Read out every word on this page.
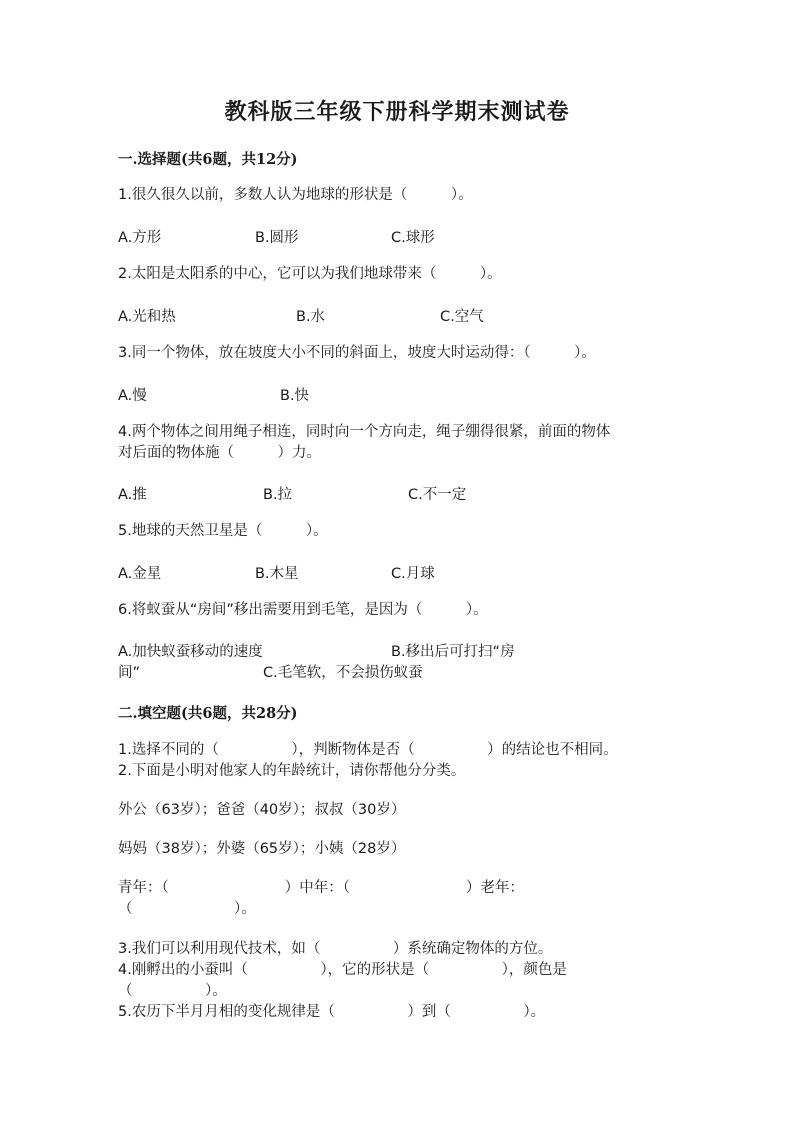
教科版三年级下册科学期末测试卷
一.选择题(共6题，共12分)
1.很久很久以前，多数人认为地球的形状是（　　　）。
A.方形	B.圆形	C.球形
2.太阳是太阳系的中心，它可以为我们地球带来（　　　）。
A.光和热	B.水	C.空气
3.同一个物体，放在坡度大小不同的斜面上，坡度大时运动得：（　　　）。
A.慢	B.快
4.两个物体之间用绳子相连，同时向一个方向走，绳子绷得很紧，前面的物体
对后面的物体施（　　　）力。
A.推	B.拉	C.不一定
5.地球的天然卫星是（　　　）。
A.金星	B.木星	C.月球
6.将蚁蚕从“房间”移出需要用到毛笔，是因为（　　　）。
A.加快蚁蚕移动的速度	B.移出后可打扫“房
间”	C.毛笔软，不会损伤蚁蚕
二.填空题(共6题，共28分)
1.选择不同的（　　　　　），判断物体是否（　　　　　）的结论也不相同。
2.下面是小明对他家人的年龄统计，请你帮他分分类。
外公（63岁）；爸爸（40岁）；叔叔（30岁）
妈妈（38岁）；外婆（65岁）；小姨（28岁）
青年：（　　　　　　　　）中年：（　　　　　　　　）老年：
（　　　　　　　）。
3.我们可以利用现代技术，如（　　　　　）系统确定物体的方位。
4.刚孵出的小蚕叫（　　　　　），它的形状是（　　　　　），颜色是
（　　　　　）。
5.农历下半月月相的变化规律是（　　　　　）到（　　　　　）。
